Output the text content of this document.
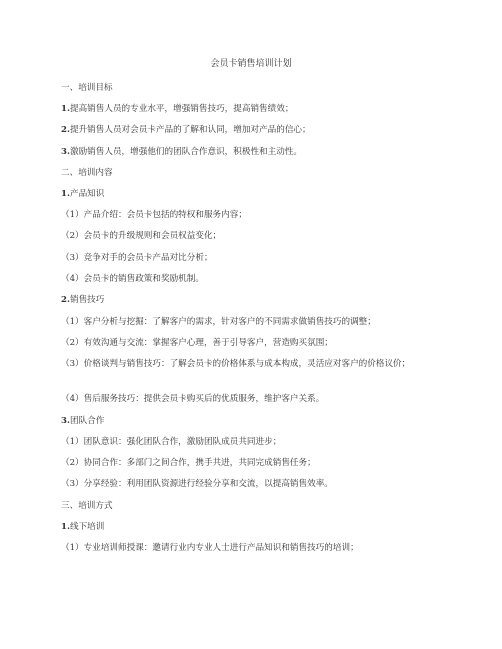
会员卡销售培训计划

一、培训目标

1.提高销售人员的专业水平，增强销售技巧，提高销售绩效；

2.提升销售人员对会员卡产品的了解和认同，增加对产品的信心；

3.激励销售人员，增强他们的团队合作意识，积极性和主动性。

二、培训内容

1.产品知识

（1）产品介绍：会员卡包括的特权和服务内容；

（2）会员卡的升级规则和会员权益变化；

（3）竞争对手的会员卡产品对比分析；

（4）会员卡的销售政策和奖励机制。

2.销售技巧

（1）客户分析与挖掘：了解客户的需求，针对客户的不同需求做销售技巧的调整；

（2）有效沟通与交流：掌握客户心理，善于引导客户，营造购买氛围；

（3）价格谈判与销售技巧：了解会员卡的价格体系与成本构成，灵活应对客户的价格议价；

（4）售后服务技巧：提供会员卡购买后的优质服务，维护客户关系。

3.团队合作

（1）团队意识：强化团队合作，激励团队成员共同进步；

（2）协同合作：多部门之间合作，携手共进，共同完成销售任务；

（3）分享经验：利用团队资源进行经验分享和交流，以提高销售效率。

三、培训方式

1.线下培训

（1）专业培训师授课：邀请行业内专业人士进行产品知识和销售技巧的培训；
